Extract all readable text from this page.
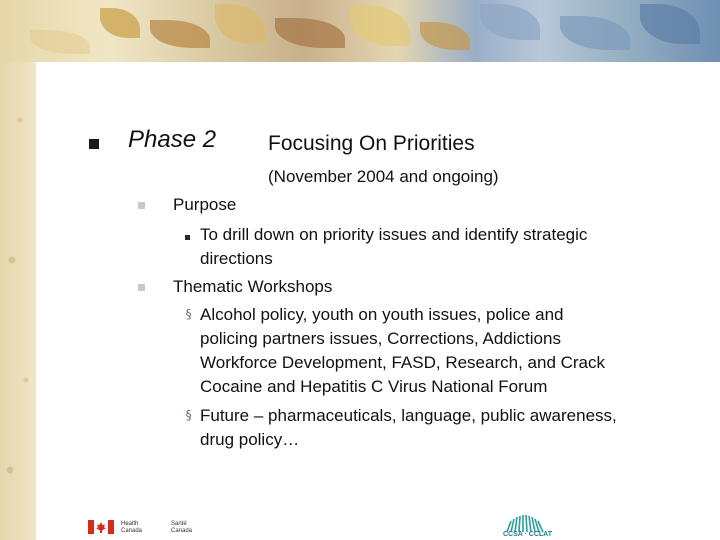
Phase 2 Focusing On Priorities
(November 2004 and ongoing)
Purpose
To drill down on priority issues and identify strategic
directions
Thematic Workshops
§ Alcohol policy, youth on youth issues, police and
policing partners issues, Corrections, Addictions
Workforce Development, FASD, Research, and Crack
Cocaine and Hepatitis C Virus National Forum
§ Future – pharmaceuticals, language, public awareness,
drug policy…
Health
Canada
Santé
Canada	CCSA · CCLAT
